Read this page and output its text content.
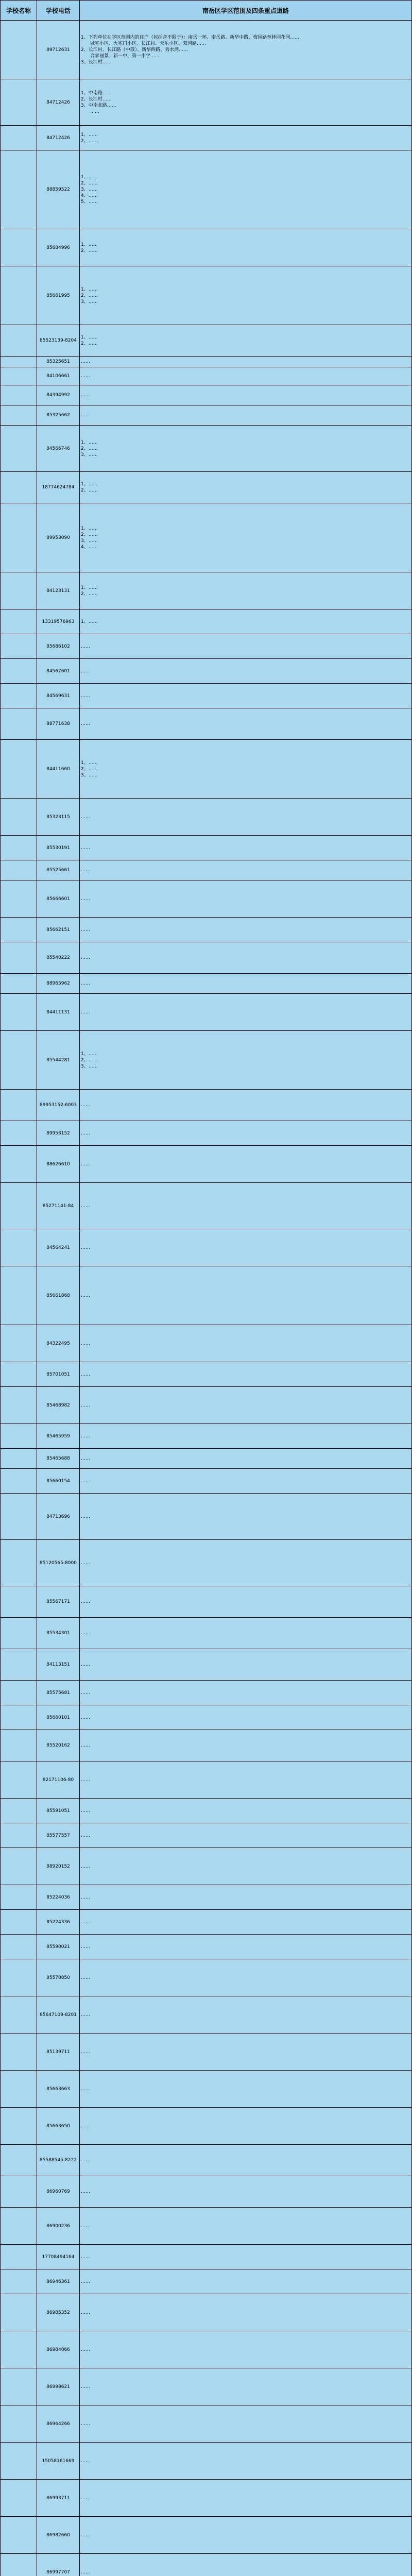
学校名称	学校电话	南岳区学区范围及四条重点道路
	89712631	1、下列单位在学区范围内的住户（包括含不限于）：南岳一环、南岳路、新华中路、梅园路至林园花园……
　　城宅小区、大宅门小区、长江村、天乐小区、双河路……
2、长江村、长江路（中段）、新华西路、秀水湾……
　　合家丽景、新一中、第一小学……
3、长江村……

	84712426	1、中南路……
2、长江村……
3、中南北路……
　　……

	84712426	1、……
2、……

	88859522	1、……
2、……
3、……
4、……
5、……

	85684996	1、……
2、……

	85661995	1、……
2、……
3、……

	85523139-8204	1、……
2、……

	85325651	……

	84106661	……

	84394992	……

	85325662	……

	84566746	1、……
2、……
3、……

	18774624784	1、……
2、……

	89953090	1、……
2、……
3、……
4、……

	84123131	1、……
2、……

	13319576963	1、……

	85686102	……

	84567601	……

	84569631	……

	88771638	……

	84411660	1、……
2、……
3、……

	85323115	……

	85530191	……

	85525661	……

	85666601	……

	85662151	……

	85540222	……

	88965962	……

	84411131	……

	85544281	1、……
2、……
3、……

	89953152-6003	……

	89953152	……

	88626610	……

	85271141-84	……

	84564241	……

	85661868	……

	84322495	……

	85701051	……

	85468982	……

	85465959	……

	85465688	……

	85660154	……

	84713696	……

	85120565-8000	……

	85567171	……

	85534301	……

	84113151	……

	85575681	……

	85660101	……

	85520162	……

	82171106-80	……

	85591051	……

	85577557	……

	88920152	……

	85224036	……

	85224336	……

	85590021	……

	85570850	……

	85647109-8201	……

	85139711	……

	85663663	……

	85663650	……

	85588545-8222	……

	86960769	……

	86900236	……

	17708494164	……

	86946361	……

	86985352	……

	86984066	……

	86998621	……

	86964266	……

	15058161669	……

	86993711	……

	86982660	……

	86997707	……
